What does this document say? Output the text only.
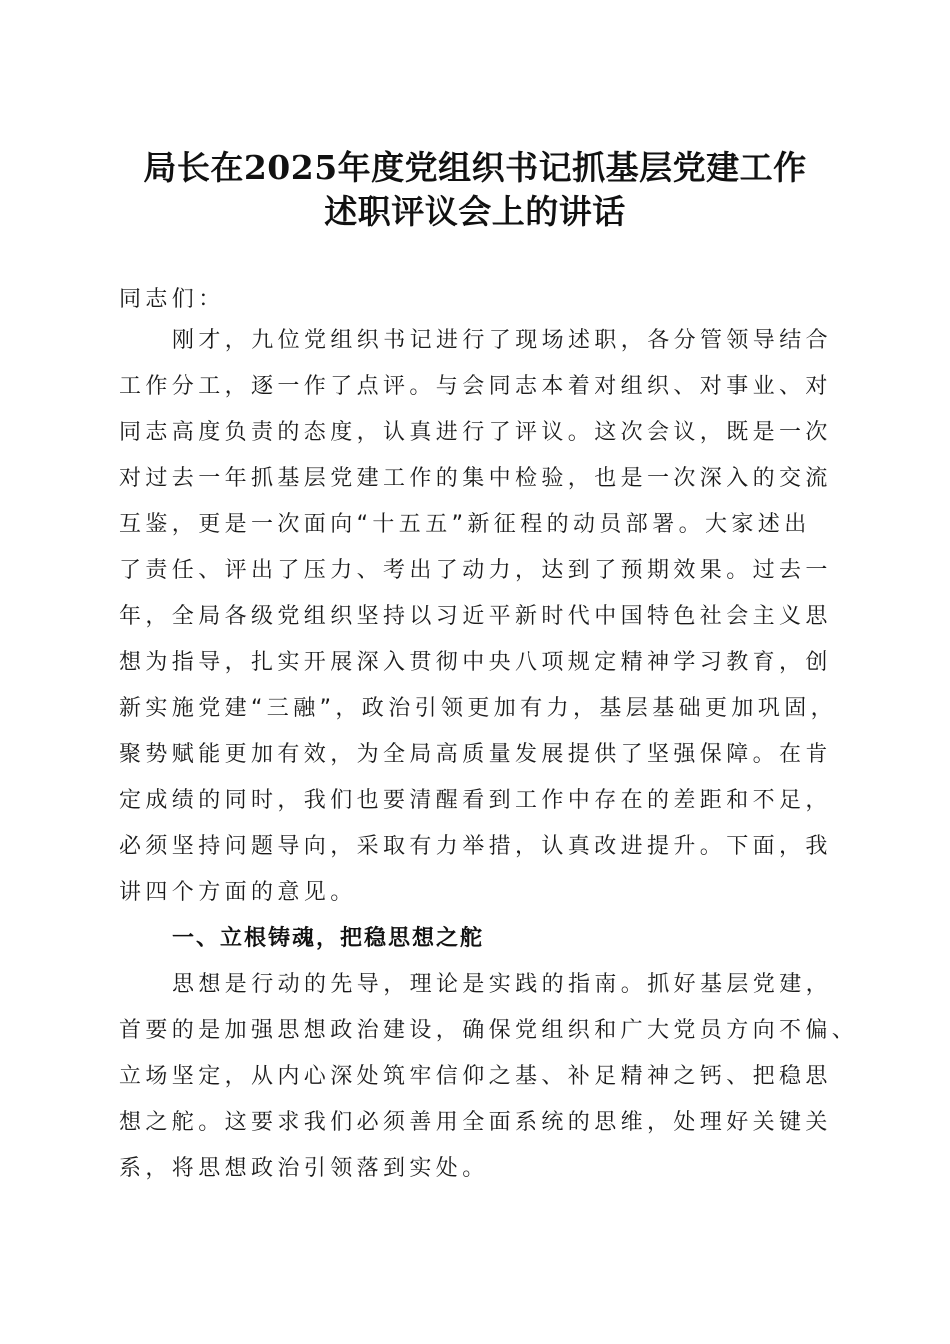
局长在2025年度党组织书记抓基层党建工作
述职评议会上的讲话
同志们：
刚才，九位党组织书记进行了现场述职，各分管领导结合
工作分工，逐一作了点评。与会同志本着对组织、对事业、对
同志高度负责的态度，认真进行了评议。这次会议，既是一次
对过去一年抓基层党建工作的集中检验，也是一次深入的交流
互鉴，更是一次面向“十五五”新征程的动员部署。大家述出
了责任、评出了压力、考出了动力，达到了预期效果。过去一
年，全局各级党组织坚持以习近平新时代中国特色社会主义思
想为指导，扎实开展深入贯彻中央八项规定精神学习教育，创
新实施党建“三融”，政治引领更加有力，基层基础更加巩固，
聚势赋能更加有效，为全局高质量发展提供了坚强保障。在肯
定成绩的同时，我们也要清醒看到工作中存在的差距和不足，
必须坚持问题导向，采取有力举措，认真改进提升。下面，我
讲四个方面的意见。
一、立根铸魂，把稳思想之舵
思想是行动的先导，理论是实践的指南。抓好基层党建，
首要的是加强思想政治建设，确保党组织和广大党员方向不偏、
立场坚定，从内心深处筑牢信仰之基、补足精神之钙、把稳思
想之舵。这要求我们必须善用全面系统的思维，处理好关键关
系，将思想政治引领落到实处。
